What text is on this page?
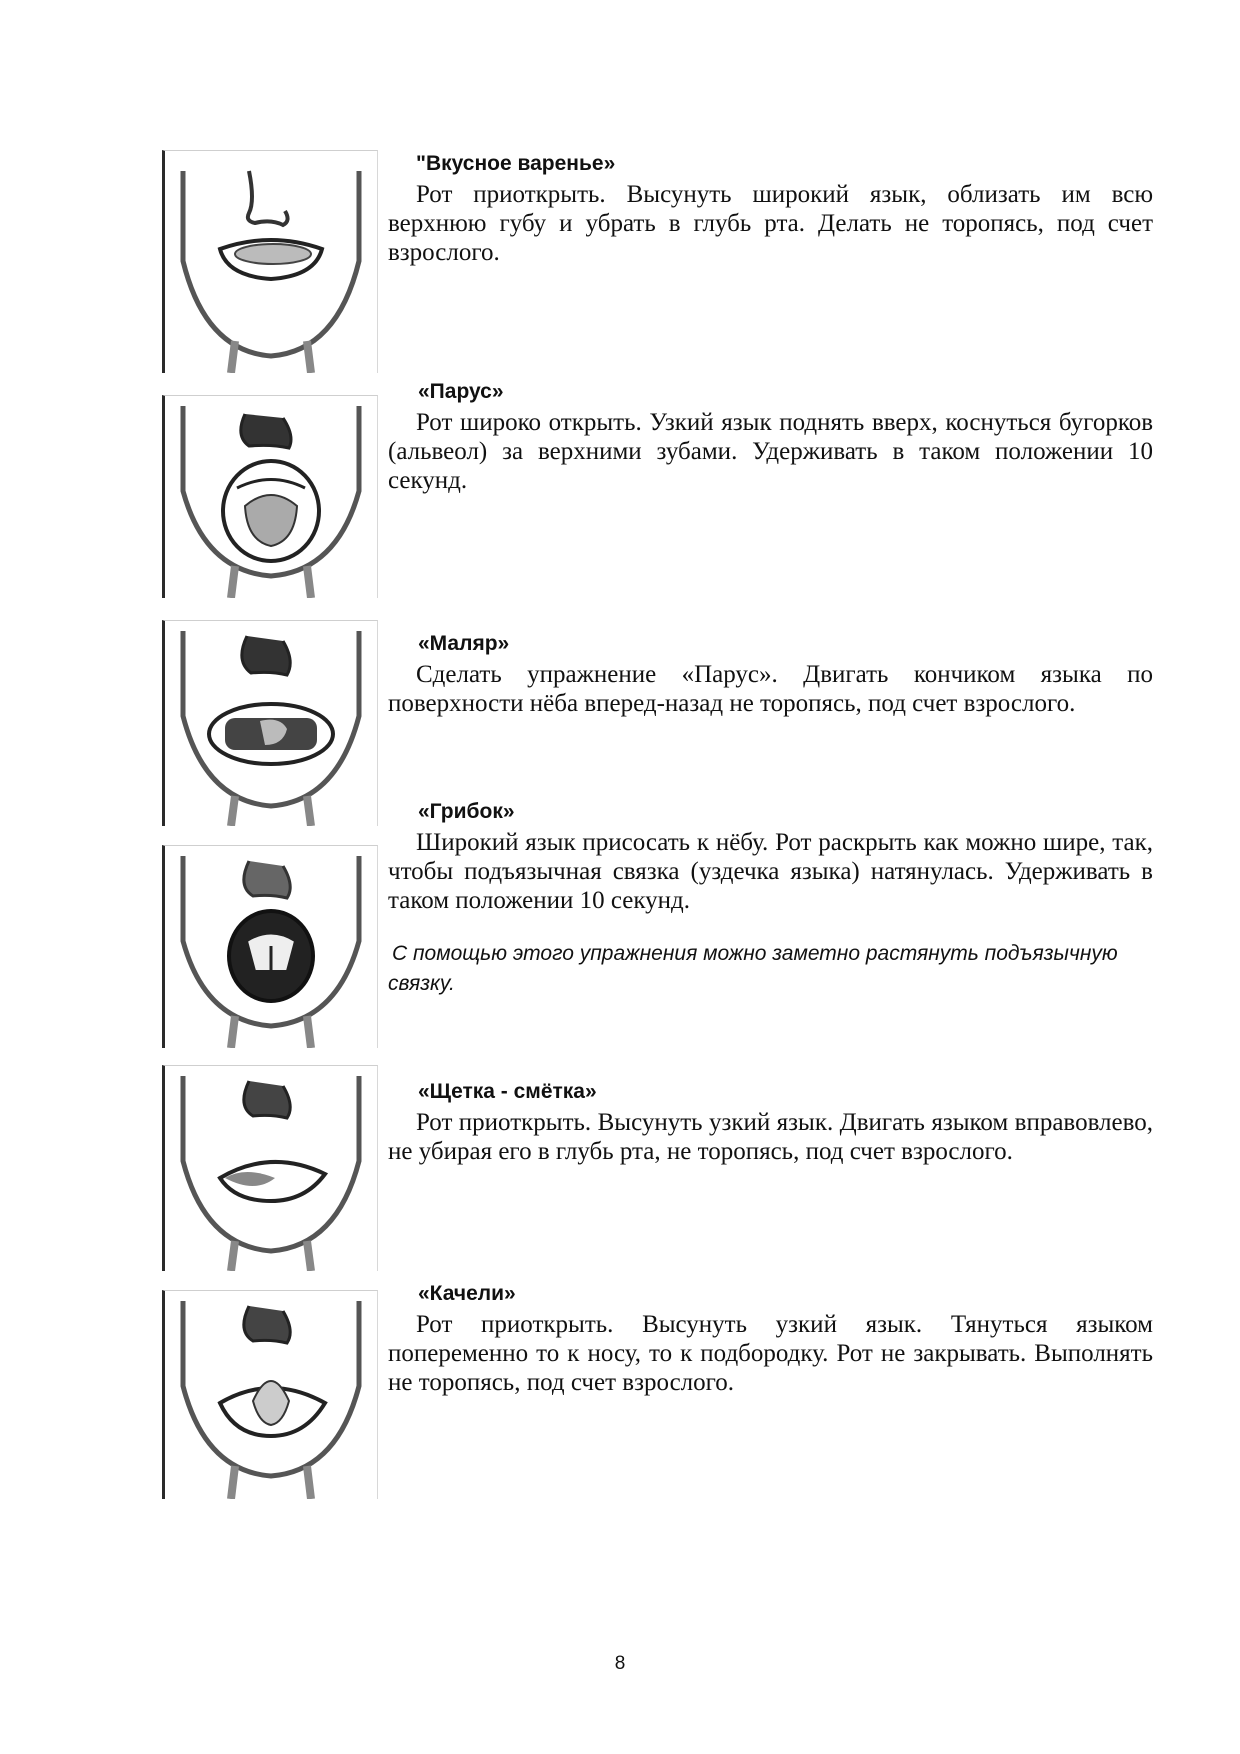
"Вкусное варенье»

Рот приоткрыть. Высунуть широкий язык, облизать им всю верхнюю губу и убрать в глубь рта. Делать не торопясь, под счет взрослого.

«Парус»

Рот широко открыть. Узкий язык поднять вверх, коснуться бугорков (альвеол) за верхними зубами. Удерживать в таком положении 10 секунд.

«Маляр»

Сделать упражнение «Парус». Двигать кончиком языка по поверхности нёба вперед-назад не торопясь, под счет взрослого.

«Грибок»

Широкий язык присосать к нёбу. Рот раскрыть как можно шире, так, чтобы подъязычная связка (уздечка языка) натянулась. Удерживать в таком положении 10 секунд.

С помощью этого упражнения можно заметно растянуть подъязычную связку.

«Щетка - смётка»

Рот приоткрыть. Высунуть узкий язык. Двигать языком вправовлево, не убирая его в глубь рта, не торопясь, под счет взрослого.

«Качели»

Рот приоткрыть. Высунуть узкий язык. Тянуться языком попеременно то к носу, то к подбородку. Рот не закрывать. Выполнять не торопясь, под счет взрослого.

8
